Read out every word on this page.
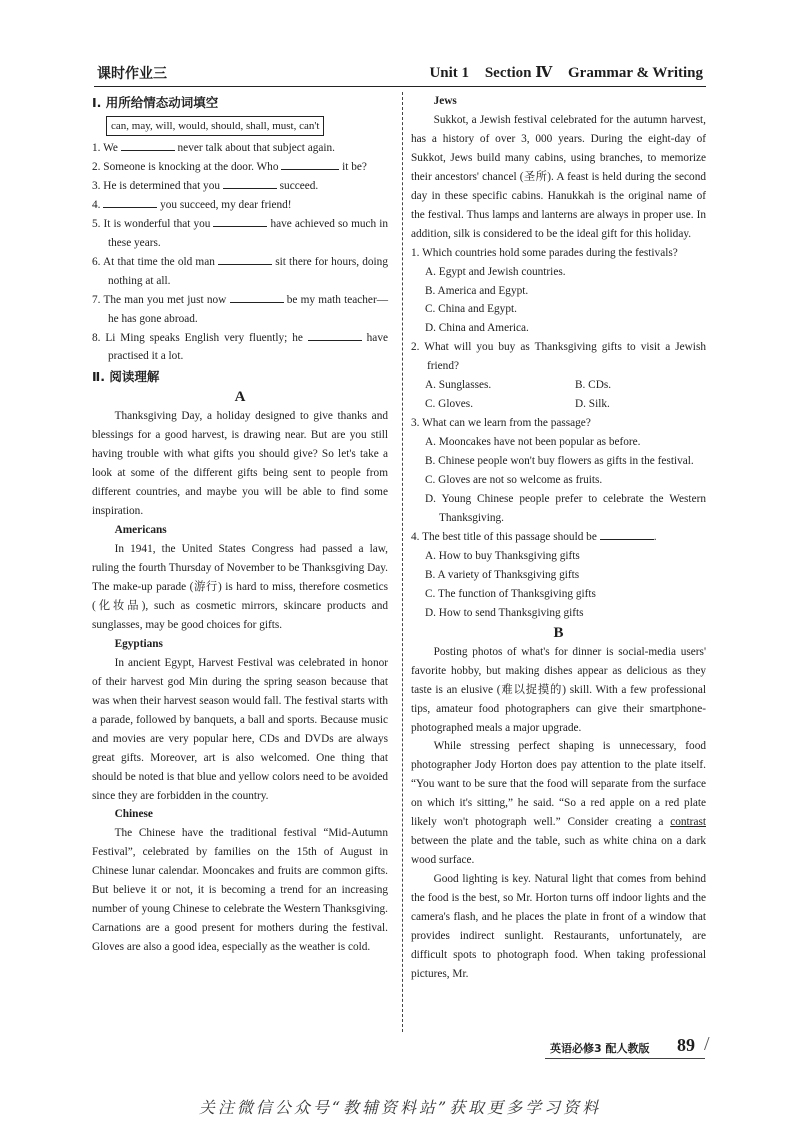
课时作业三	Unit 1 Section Ⅳ Grammar & Writing
Ⅰ. 用所给情态动词填空
can, may, will, would, should, shall, must, can't
1. We	never talk about that subject again.
2. Someone is knocking at the door. Who	it be?
3. He is determined that you	succeed.
4.	you succeed, my dear friend!
5. It is wonderful that you	have achieved so much in these years.
6. At that time the old man	sit there for hours, doing nothing at all.
7. The man you met just now	be my math teacher—he has gone abroad.
8. Li Ming speaks English very fluently; he	have practised it a lot.
Ⅱ. 阅读理解
A
Thanksgiving Day, a holiday designed to give thanks and blessings for a good harvest, is drawing near. But are you still having trouble with what gifts you should give? So let's take a look at some of the different gifts being sent to people from different countries, and maybe you will be able to find some inspiration.
Americans
In 1941, the United States Congress had passed a law, ruling the fourth Thursday of November to be Thanksgiving Day. The make-up parade (游行) is hard to miss, therefore cosmetics (化妆品), such as cosmetic mirrors, skincare products and sunglasses, may be good choices for gifts.
Egyptians
In ancient Egypt, Harvest Festival was celebrated in honor of their harvest god Min during the spring season because that was when their harvest season would fall. The festival starts with a parade, followed by banquets, a ball and sports. Because music and movies are very popular here, CDs and DVDs are always great gifts. Moreover, art is also welcomed. One thing that should be noted is that blue and yellow colors need to be avoided since they are forbidden in the country.
Chinese
The Chinese have the traditional festival “Mid-Autumn Festival”, celebrated by families on the 15th of August in Chinese lunar calendar. Mooncakes and fruits are common gifts. But believe it or not, it is becoming a trend for an increasing number of young Chinese to celebrate the Western Thanksgiving. Carnations are a good present for mothers during the festival. Gloves are also a good idea, especially as the weather is cold.
Jews
Sukkot, a Jewish festival celebrated for the autumn harvest, has a history of over 3, 000 years. During the eight-day of Sukkot, Jews build many cabins, using branches, to memorize their ancestors' chancel (圣所). A feast is held during the second day in these specific cabins. Hanukkah is the original name of the festival. Thus lamps and lanterns are always in proper use. In addition, silk is considered to be the ideal gift for this holiday.
1. Which countries hold some parades during the festivals?
A. Egypt and Jewish countries.
B. America and Egypt.
C. China and Egypt.
D. China and America.
2. What will you buy as Thanksgiving gifts to visit a Jewish friend?
A. Sunglasses.	B. CDs.
C. Gloves.	D. Silk.
3. What can we learn from the passage?
A. Mooncakes have not been popular as before.
B. Chinese people won't buy flowers as gifts in the festival.
C. Gloves are not so welcome as fruits.
D. Young Chinese people prefer to celebrate the Western Thanksgiving.
4. The best title of this passage should be	.
A. How to buy Thanksgiving gifts
B. A variety of Thanksgiving gifts
C. The function of Thanksgiving gifts
D. How to send Thanksgiving gifts
B
Posting photos of what's for dinner is social-media users' favorite hobby, but making dishes appear as delicious as they taste is an elusive (难以捉摸的) skill. With a few professional tips, amateur food photographers can give their smartphone-photographed meals a major upgrade.
While stressing perfect shaping is unnecessary, food photographer Jody Horton does pay attention to the plate itself. “You want to be sure that the food will separate from the surface on which it's sitting,” he said. “So a red apple on a red plate likely won't photograph well.” Consider creating a contrast between the plate and the table, such as white china on a dark wood surface.
Good lighting is key. Natural light that comes from behind the food is the best, so Mr. Horton turns off indoor lights and the camera's flash, and he places the plate in front of a window that provides indirect sunlight. Restaurants, unfortunately, are difficult spots to photograph food. When taking professional pictures, Mr.
英语必修3 配人教版 89 /
关注微信公众号“教辅资料站”获取更多学习资料
